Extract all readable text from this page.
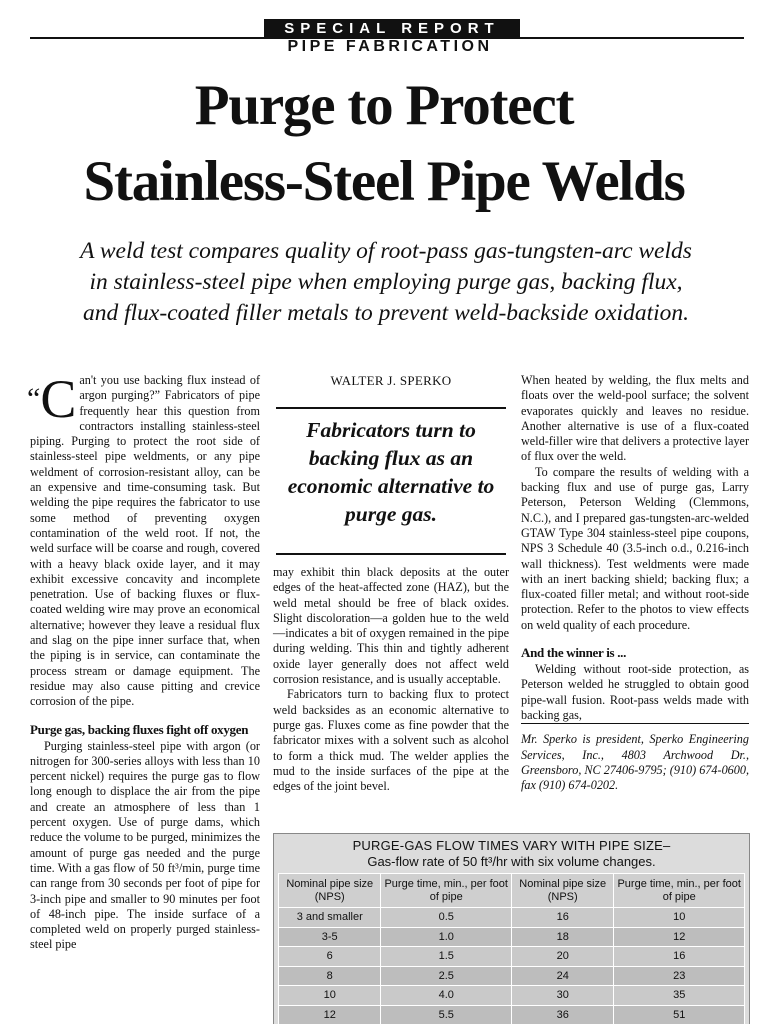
SPECIAL REPORT
PIPE FABRICATION
Purge to Protect
Stainless-Steel Pipe Welds
A weld test compares quality of root-pass gas-tungsten-arc welds
in stainless-steel pipe when employing purge gas, backing flux,
and flux-coated filler metals to prevent weld-backside oxidation.

“C an't you use backing flux instead of argon purging?” Fabricators of pipe frequently hear this question from contractors installing stainless-steel piping. Purging to protect the root side of stainless-steel pipe weldments, or any pipe weldment of corrosion-resistant alloy, can be an expensive and time-consuming task. But welding the pipe requires the fabricator to use some method of preventing oxygen contamination of the weld root. If not, the weld surface will be coarse and rough, covered with a heavy black oxide layer, and it may exhibit excessive concavity and incomplete penetration. Use of backing fluxes or flux-coated welding wire may prove an economical alternative; however they leave a residual flux and slag on the pipe inner surface that, when the piping is in service, can contaminate the process stream or damage equipment. The residue may also cause pitting and crevice corrosion of the pipe.

Purge gas, backing fluxes fight off oxygen

Purging stainless-steel pipe with argon (or nitrogen for 300-series alloys with less than 10 percent nickel) requires the purge gas to flow long enough to displace the air from the pipe and create an atmosphere of less than 1 percent oxygen. Use of purge dams, which reduce the volume to be purged, minimizes the amount of purge gas needed and the purge time. With a gas flow of 50 ft³/min, purge time can range from 30 seconds per foot of pipe for 3-inch pipe and smaller to 90 minutes per foot of 48-inch pipe. The inside surface of a completed weld on properly purged stainless-steel pipe

WALTER J. SPERKO
Fabricators turn to backing flux as an economic alternative to purge gas.

may exhibit thin black deposits at the outer edges of the heat-affected zone (HAZ), but the weld metal should be free of black oxides. Slight discoloration—a golden hue to the weld—indicates a bit of oxygen remained in the pipe during welding. This thin and tightly adherent oxide layer generally does not affect weld corrosion resistance, and is usually acceptable.

Fabricators turn to backing flux to protect weld backsides as an economic alternative to purge gas. Fluxes come as fine powder that the fabricator mixes with a solvent such as alcohol to form a thick mud. The welder applies the mud to the inside surfaces of the pipe at the edges of the joint bevel.

When heated by welding, the flux melts and floats over the weld-pool surface; the solvent evaporates quickly and leaves no residue. Another alternative is use of a flux-coated weld-filler wire that delivers a protective layer of flux over the weld.

To compare the results of welding with a backing flux and use of purge gas, Larry Peterson, Peterson Welding (Clemmons, N.C.), and I prepared gas-tungsten-arc-welded GTAW Type 304 stainless-steel pipe coupons, NPS 3 Schedule 40 (3.5-inch o.d., 0.216-inch wall thickness). Test weldments were made with an inert backing shield; backing flux; a flux-coated filler metal; and without root-side protection. Refer to the photos to view effects on weld quality of each procedure.

And the winner is ...

Welding without root-side protection, as Peterson welded he struggled to obtain good pipe-wall fusion. Root-pass welds made with backing gas,

Mr. Sperko is president, Sperko Engineering Services, Inc., 4803 Archwood Dr., Greensboro, NC 27406-9795; (910) 674-0600, fax (910) 674-0202.

PURGE-GAS FLOW TIMES VARY WITH PIPE SIZE–
Gas-flow rate of 50 ft³/hr with six volume changes.
Nominal pipe size (NPS)	Purge time, min., per foot of pipe	Nominal pipe size (NPS)	Purge time, min., per foot of pipe
3 and smaller	0.5	16	10
3-5	1.0	18	12
6	1.5	20	16
8	2.5	24	23
10	4.0	30	35
12	5.5	36	51
